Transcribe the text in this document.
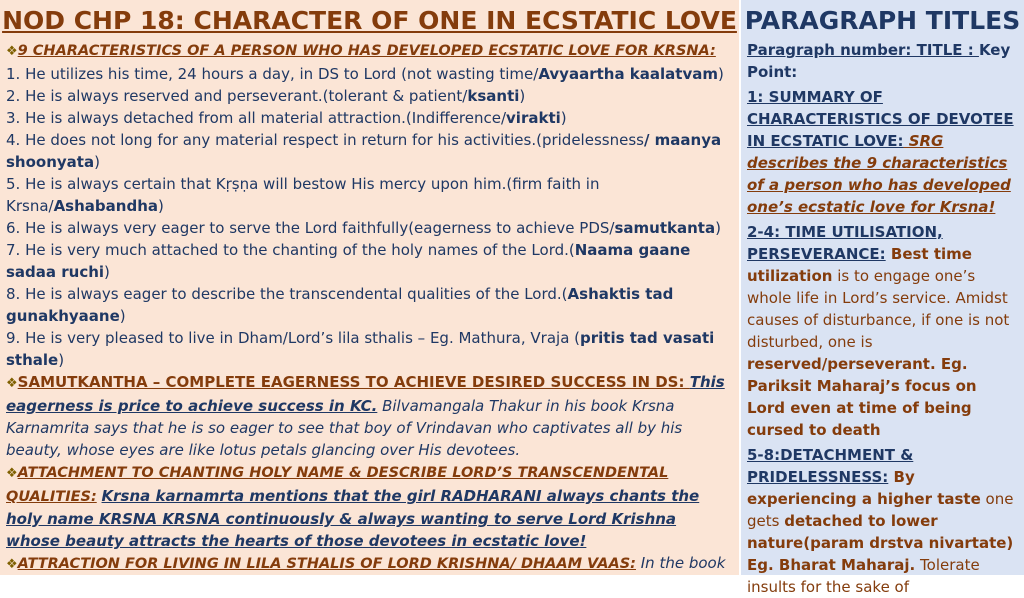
NOD CHP 18: CHARACTER OF ONE IN ECSTATIC LOVE

❖9 CHARACTERISTICS OF A PERSON WHO HAS DEVELOPED ECSTATIC LOVE FOR KRSNA:

1. He utilizes his time, 24 hours a day, in DS to Lord (not wasting time/Avyaartha kaalatvam)

2. He is always reserved and perseverant.(tolerant & patient/ksanti)

3. He is always detached from all material attraction.(Indifference/virakti)

4. He does not long for any material respect in return for his activities.(pridelessness/ maanya shoonyata)

5. He is always certain that Kṛṣṇa will bestow His mercy upon him.(firm faith in Krsna/Ashabandha)

6. He is always very eager to serve the Lord faithfully(eagerness to achieve PDS/samutkanta)

7. He is very much attached to the chanting of the holy names of the Lord.(Naama gaane sadaa ruchi)

8. He is always eager to describe the transcendental qualities of the Lord.(Ashaktis tad gunakhyaane)

9. He is very pleased to live in Dham/Lord’s lila sthalis – Eg. Mathura, Vraja (pritis tad vasati sthale)

❖SAMUTKANTHA – COMPLETE EAGERNESS TO ACHIEVE DESIRED SUCCESS IN DS: This eagerness is price to achieve success in KC. Bilvamangala Thakur in his book Krsna Karnamrita says that he is so eager to see that boy of Vrindavan who captivates all by his beauty, whose eyes are like lotus petals glancing over His devotees.

❖ATTACHMENT TO CHANTING HOLY NAME & DESCRIBE LORD’S TRANSCENDENTAL QUALITIES: Krsna karnamrta mentions that the girl RADHARANI always chants the holy name KRSNA KRSNA continuously & always wanting to serve Lord Krishna whose beauty attracts the hearts of those devotees in ecstatic love!

❖ATTRACTION FOR LIVING IN LILA STHALIS OF LORD KRISHNA/ DHAAM VAAS: In the book

PARAGRAPH TITLES

Paragraph number: TITLE : Key Point:

1: SUMMARY OF CHARACTERISTICS OF DEVOTEE IN ECSTATIC LOVE: SRG describes the 9 characteristics of a person who has developed one’s ecstatic love for Krsna!

2-4: TIME UTILISATION, PERSEVERANCE: Best time utilization is to engage one’s whole life in Lord’s service. Amidst causes of disturbance, if one is not disturbed, one is reserved/perseverant. Eg. Pariksit Maharaj’s focus on Lord even at time of being cursed to death

5-8:DETACHMENT & PRIDELESSNESS: By experiencing a higher taste one gets detached to lower nature(param drstva nivartate) Eg. Bharat Maharaj. Tolerate insults for the sake of
